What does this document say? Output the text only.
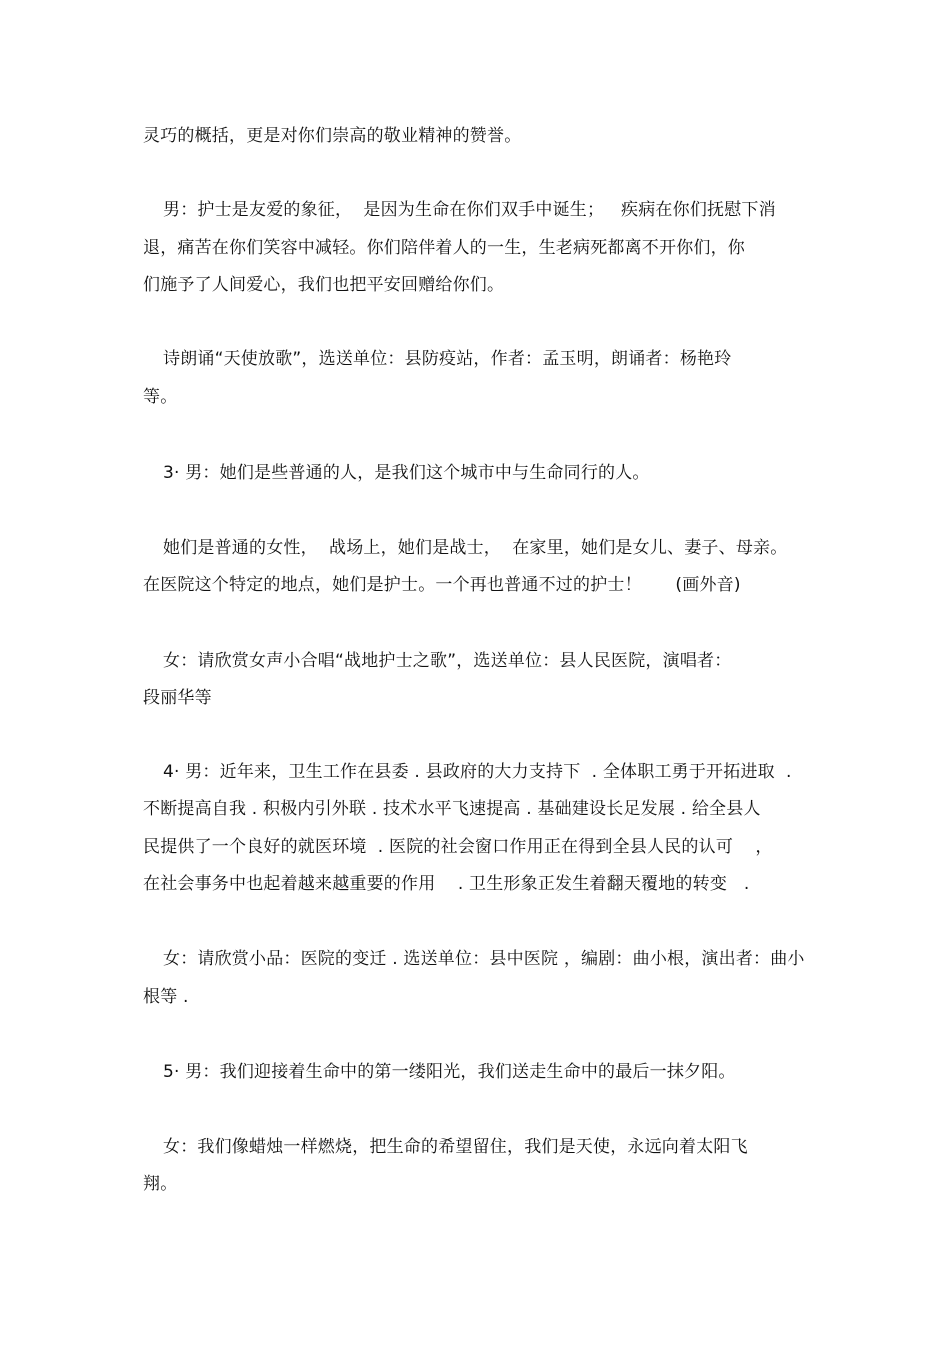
灵巧的概括，更是对你们崇高的敬业精神的赞誉。
男：护士是友爱的象征，  是因为生命在你们双手中诞生；   疾病在你们抚慰下消
退，痛苦在你们笑容中减轻。你们陪伴着人的一生，生老病死都离不开你们，你
们施予了人间爱心，我们也把平安回赠给你们。
诗朗诵“天使放歌”，选送单位：县防疫站，作者：孟玉明，朗诵者：杨艳玲
等。
3· 男：她们是些普通的人，是我们这个城市中与生命同行的人。
她们是普通的女性，  战场上，她们是战士，  在家里，她们是女儿、妻子、母亲。
在医院这个特定的地点，她们是护士。一个再也普通不过的护士！      (画外音)
女：请欣赏女声小合唱“战地护士之歌”，选送单位：县人民医院，演唱者：
段丽华等
4· 男：近年来，卫生工作在县委 . 县政府的大力支持下  . 全体职工勇于开拓进取  .
不断提高自我 . 积极内引外联 . 技术水平飞速提高 . 基础建设长足发展 . 给全县人
民提供了一个良好的就医环境  . 医院的社会窗口作用正在得到全县人民的认可    ，
在社会事务中也起着越来越重要的作用    . 卫生形象正发生着翻天覆地的转变   .
女：请欣赏小品：医院的变迁 . 选送单位：县中医院 ，编剧：曲小根，演出者：曲小
根等 .
5· 男：我们迎接着生命中的第一缕阳光，我们送走生命中的最后一抹夕阳。
女：我们像蜡烛一样燃烧，把生命的希望留住，我们是天使，永远向着太阳飞
翔。
